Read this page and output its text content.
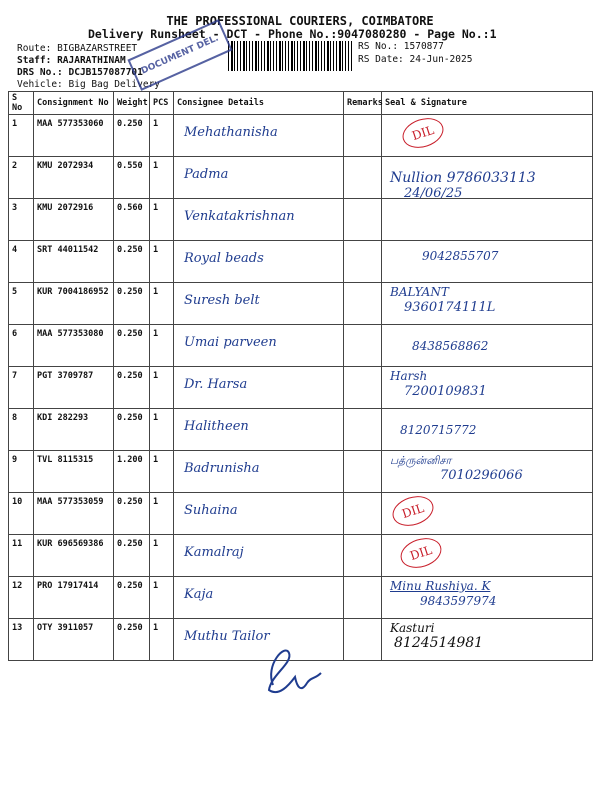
THE PROFESSIONAL COURIERS, COIMBATORE
Delivery Runsheet - DCT - Phone No.:9047080280 - Page No.:1
Route: BIGBAZARSTREET
Staff: RAJARATHINAM
DRS No.: DCJB157087701
Vehicle: Big Bag Delivery
RS No.: 1570877
RS Date: 24-Jun-2025
DOCUMENT DEL.
S No	Consignment No	Weight	PCS	Consignee Details	Remarks	Seal & Signature
1	MAA 577353060	0.250	1	Mehathanisha		DIL

2	KMU 2072934	0.550	1	Padma		Nullion 9786033113
24/06/25

3	KMU 2072916	0.560	1	Venkatakrishnan		

4	SRT 44011542	0.250	1	Royal beads		9042855707

5	KUR 7004186952	0.250	1	Suresh belt		BALYANT
9360174111L

6	MAA 577353080	0.250	1	Umai parveen		8438568862

7	PGT 3709787	0.250	1	Dr. Harsa		Harsh
7200109831

8	KDI 282293	0.250	1	Halitheen		8120715772

9	TVL 8115315	1.200	1	Badrunisha		பத்ருன்னிசா
7010296066

10	MAA 577353059	0.250	1	Suhaina		DIL

11	KUR 696569386	0.250	1	Kamalraj		DIL

12	PRO 17917414	0.250	1	Kaja		Minu Rushiya. K
9843597974

13	OTY 3911057	0.250	1	Muthu Tailor		Kasturi
8124514981
